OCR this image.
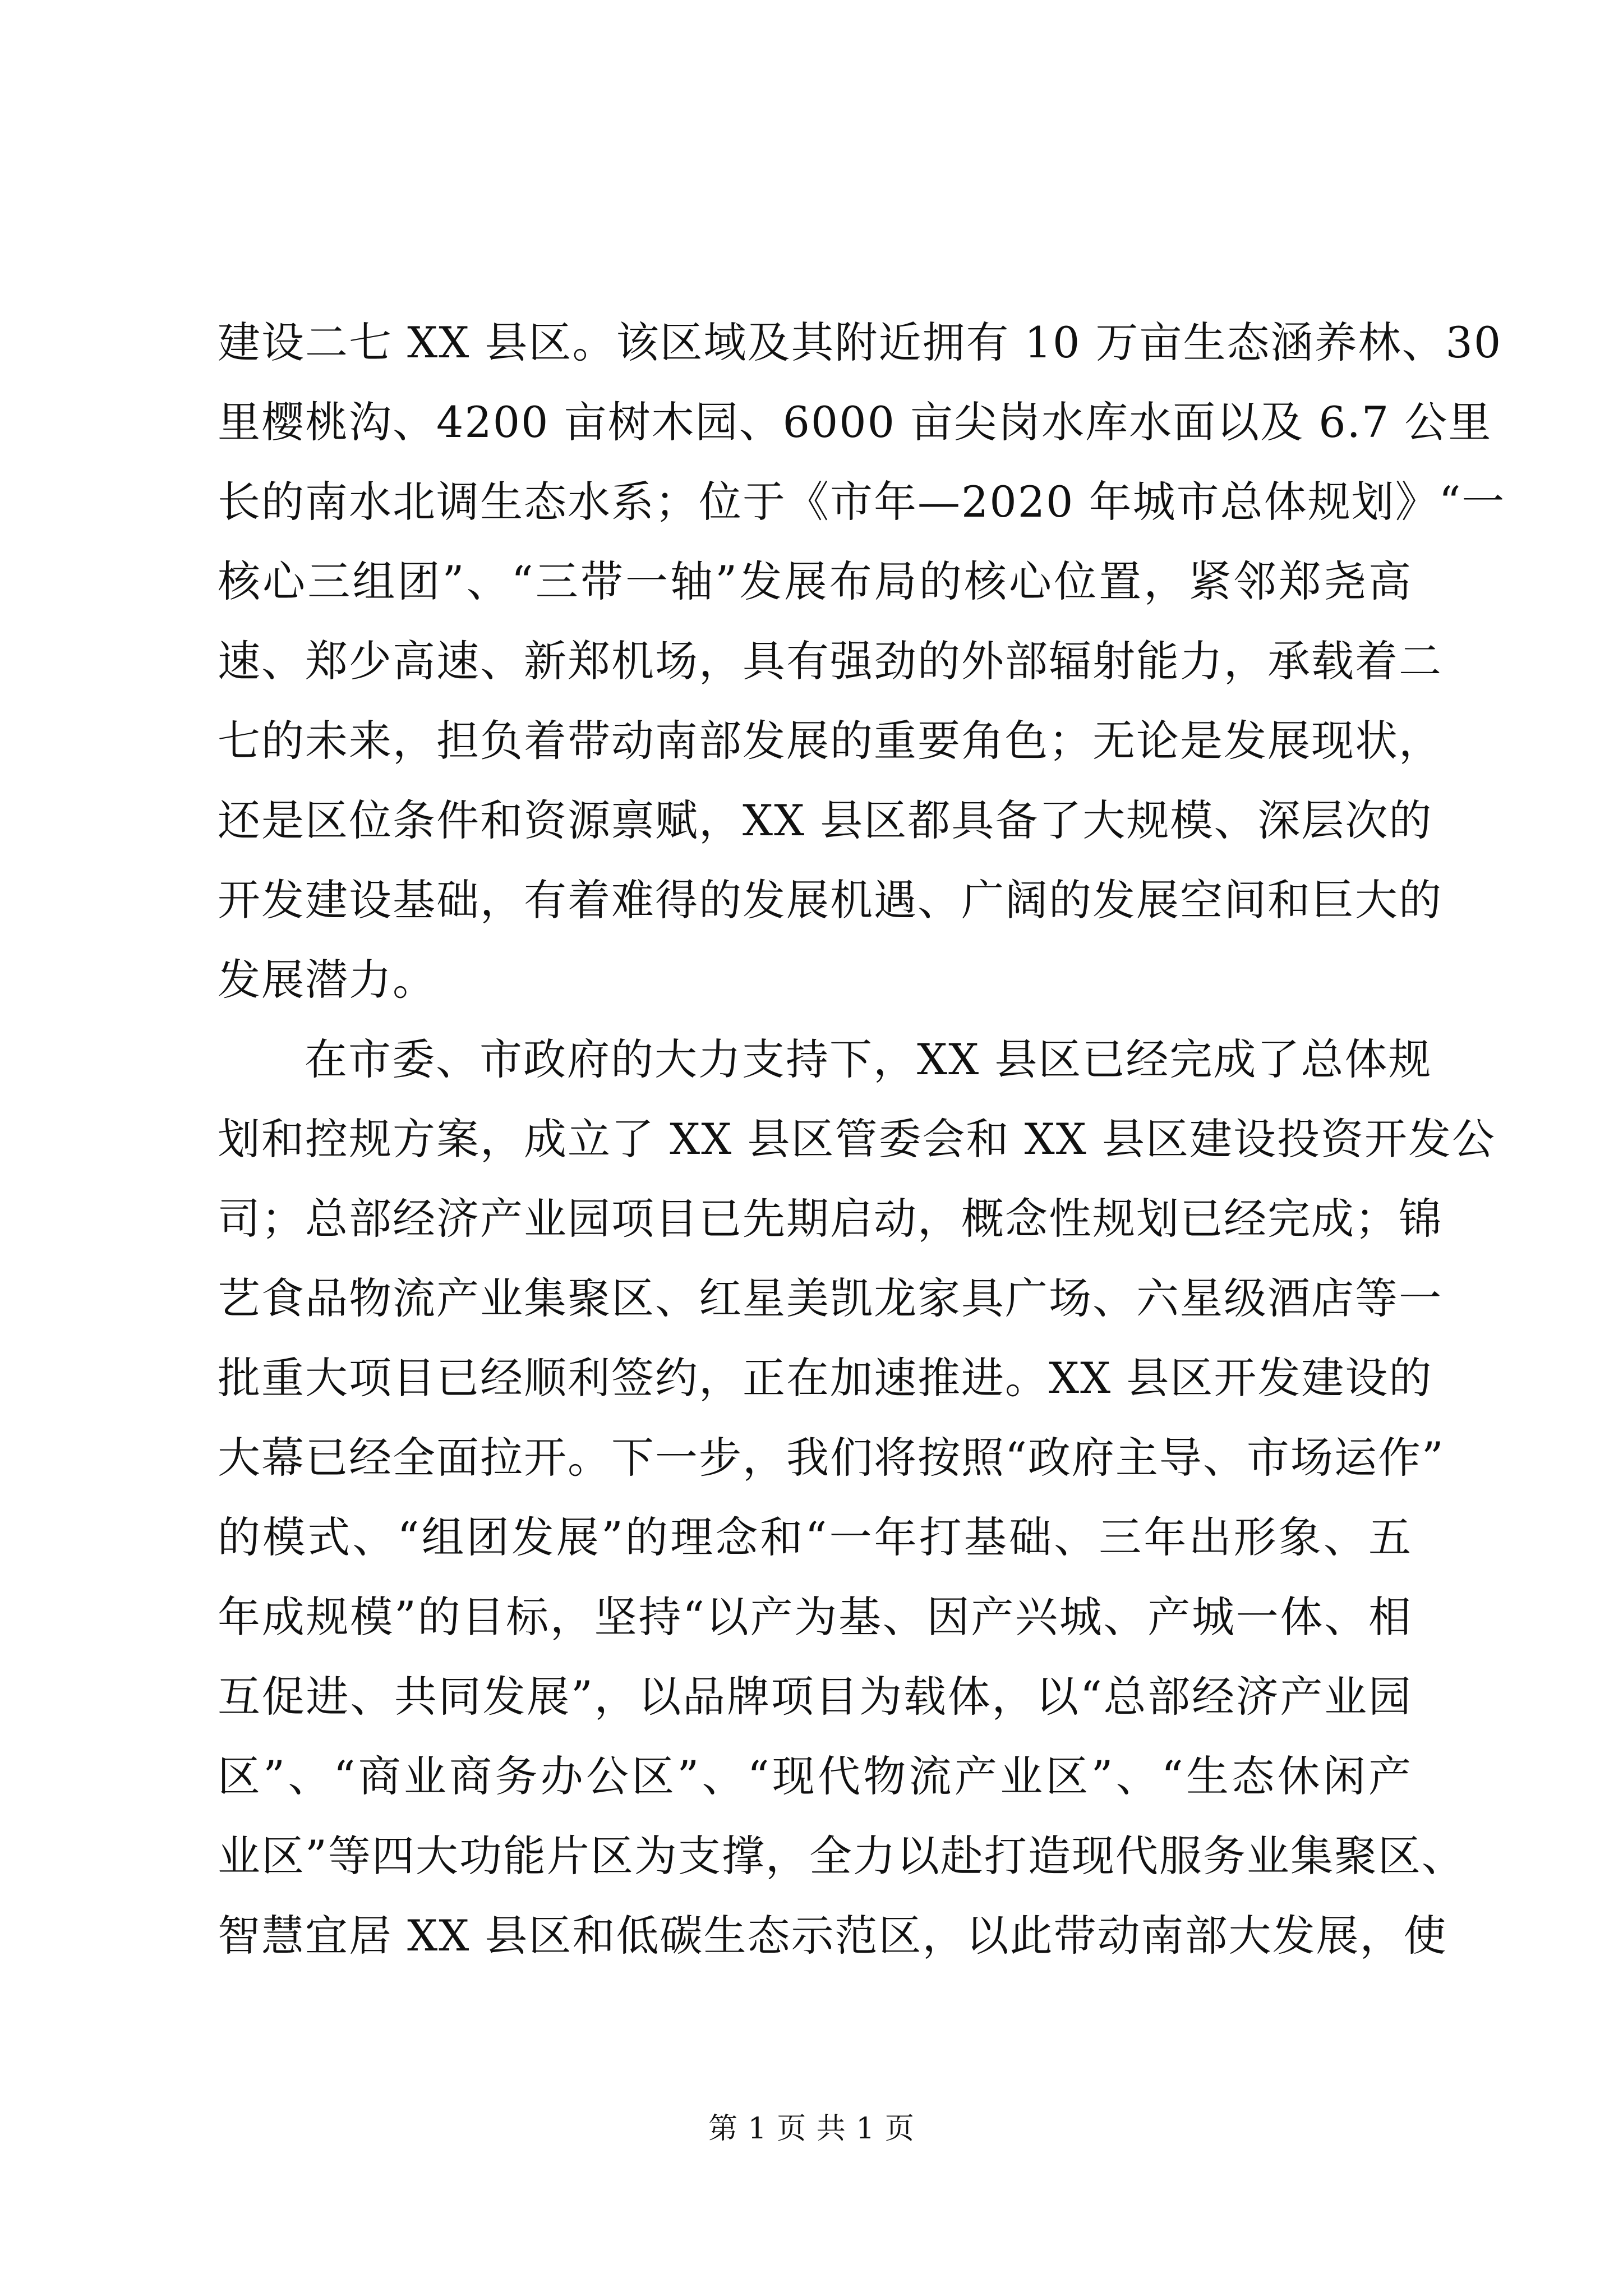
建设二七 XX 县区。该区域及其附近拥有 10 万亩生态涵养林、30
里樱桃沟、4200 亩树木园、6000 亩尖岗水库水面以及 6.7 公里
长的南水北调生态水系；位于《市年—2020 年城市总体规划》“一
核心三组团”、“三带一轴”发展布局的核心位置，紧邻郑尧高
速、郑少高速、新郑机场，具有强劲的外部辐射能力，承载着二
七的未来，担负着带动南部发展的重要角色；无论是发展现状，
还是区位条件和资源禀赋，XX 县区都具备了大规模、深层次的
开发建设基础，有着难得的发展机遇、广阔的发展空间和巨大的
发展潜力。
在市委、市政府的大力支持下，XX 县区已经完成了总体规
划和控规方案，成立了 XX 县区管委会和 XX 县区建设投资开发公
司；总部经济产业园项目已先期启动，概念性规划已经完成；锦
艺食品物流产业集聚区、红星美凯龙家具广场、六星级酒店等一
批重大项目已经顺利签约，正在加速推进。XX 县区开发建设的
大幕已经全面拉开。下一步，我们将按照“政府主导、市场运作”
的模式、“组团发展”的理念和“一年打基础、三年出形象、五
年成规模”的目标，坚持“以产为基、因产兴城、产城一体、相
互促进、共同发展”，以品牌项目为载体，以“总部经济产业园
区”、“商业商务办公区”、“现代物流产业区”、“生态休闲产
业区”等四大功能片区为支撑，全力以赴打造现代服务业集聚区、
智慧宜居 XX 县区和低碳生态示范区，以此带动南部大发展，使
第 1 页 共 1 页
